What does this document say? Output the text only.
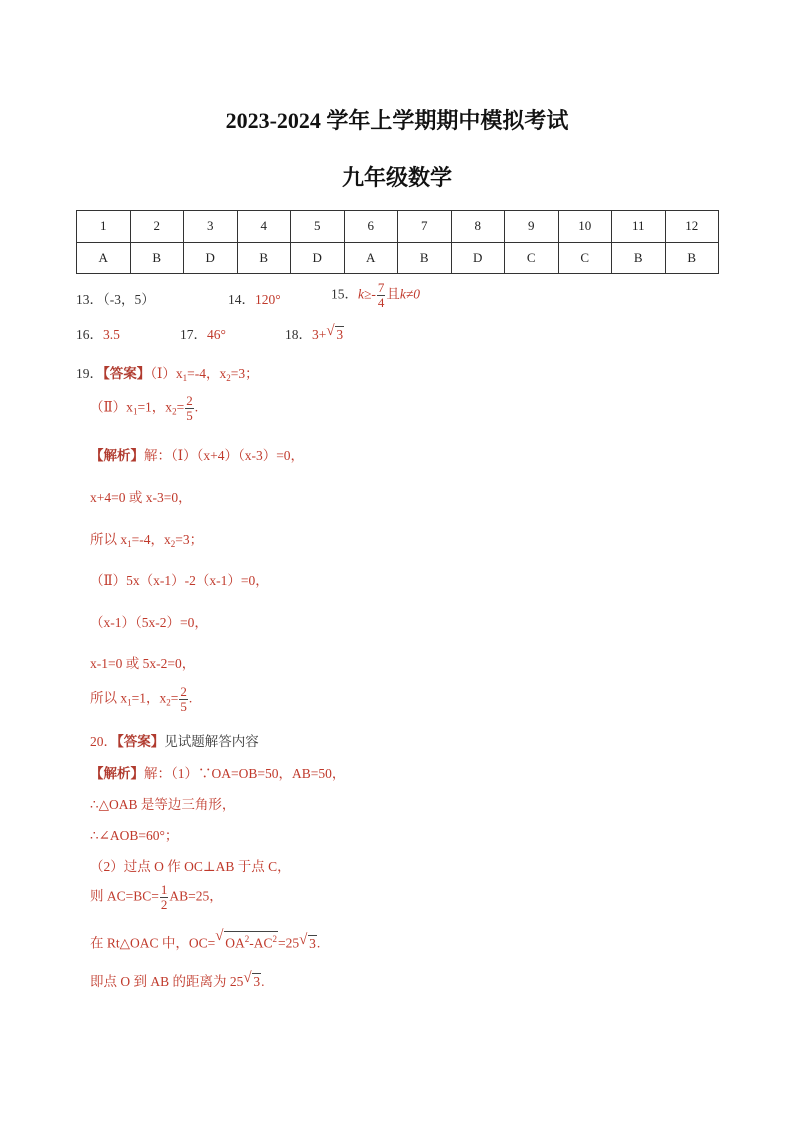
2023-2024 学年上学期期中模拟考试
九年级数学
1	2	3	4	5	6	7	8	9	10	11	12
A	B	D	B	D	A	B	D	C	C	B	B
13．（-3，5）	14．120°	15．$k\ge- \frac{7}{4}$ 且k≠0
16．3.5	17．46°	18．3+ √ 3
19．【答案】$(Ⅰ)x_1=-4$，$x_2=3$；
$(Ⅱ)x_1=1$，$x_2= \frac{2}{5}$ .
【解析】解：（Ⅰ）（x+4）（x-3）=0，
x+4=0 或 x-3=0，
所以 $x_1=-4$，$x_2=3$；
（Ⅱ）5x（x-1）-2（x-1）=0，
（x-1）（5x-2）=0，
x-1=0 或 5x-2=0，
所以 $x_1=1$，$x_2= \frac{2}{5}$ .
20．【答案】见试题解答内容
【解析】解：（1）∵OA=OB=50，AB=50，
∴△OAB 是等边三角形，
∴∠AOB=60°；
（2）过点 O 作 OC⊥AB 于点 C，
则 $AC=BC= \frac{1}{2} AB=25$，
在 Rt△OAC 中，OC= √ $OA^2-AC^2=25$ √ 3.
即点 O 到 AB 的距离为 25 √ 3.
